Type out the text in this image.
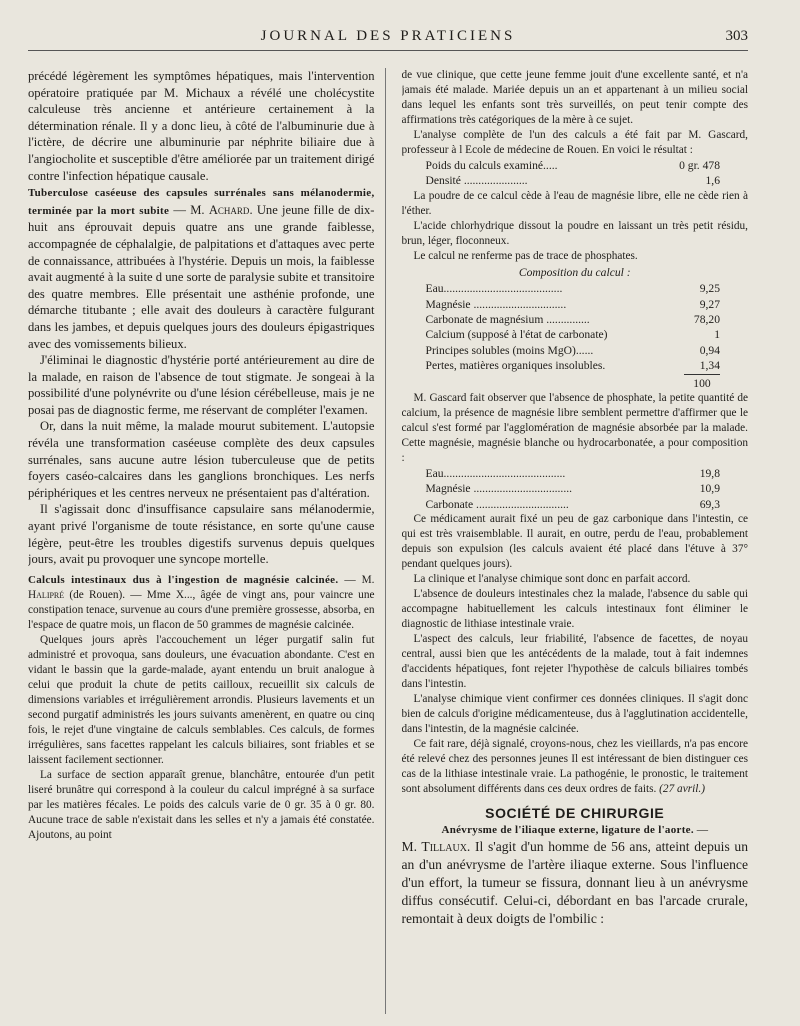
JOURNAL DES PRATICIENS	303

précédé légèrement les symptômes hépatiques, mais l'intervention opératoire pratiquée par M. Michaux a révélé une cholécystite calculeuse très ancienne et antérieure certainement à la détermination rénale. Il y a donc lieu, à côté de l'albuminurie due à l'ictère, de décrire une albuminurie par néphrite biliaire due à l'angiocholite et susceptible d'être améliorée par un traitement dirigé contre l'infection hépatique causale.

Tuberculose caséeuse des capsules surrénales sans mélanodermie, terminée par la mort subite — M. Achard. Une jeune fille de dix-huit ans éprouvait depuis quatre ans une grande faiblesse, accompagnée de céphalalgie, de palpitations et d'attaques avec perte de connaissance, attribuées à l'hystérie. Depuis un mois, la faiblesse avait augmenté à la suite d une sorte de paralysie subite et transitoire des quatre membres. Elle présentait une asthénie profonde, une démarche titubante ; elle avait des douleurs à caractère fulgurant dans les jambes, et depuis quelques jours des douleurs épigastriques avec des vomissements bilieux.

J'éliminai le diagnostic d'hystérie porté antérieurement au dire de la malade, en raison de l'absence de tout stigmate. Je songeai à la possibilité d'une polynévrite ou d'une lésion cérébelleuse, mais je ne posai pas de diagnostic ferme, me réservant de compléter l'examen.

Or, dans la nuit même, la malade mourut subitement. L'autopsie révéla une transformation caséeuse complète des deux capsules surrénales, sans aucune autre lésion tuberculeuse que de petits foyers caséo-calcaires dans les ganglions bronchiques. Les nerfs périphériques et les centres nerveux ne présentaient pas d'altération.

Il s'agissait donc d'insuffisance capsulaire sans mélanodermie, ayant privé l'organisme de toute résistance, en sorte qu'une cause légère, peut-être les troubles digestifs survenus depuis quelques jours, avait pu provoquer une syncope mortelle.

Calculs intestinaux dus à l'ingestion de magnésie calcinée. — M. Halipré (de Rouen). — Mme X..., âgée de vingt ans, pour vaincre une constipation tenace, survenue au cours d'une première grossesse, absorba, en l'espace de quatre mois, un flacon de 50 grammes de magnésie calcinée.

Quelques jours après l'accouchement un léger purgatif salin fut administré et provoqua, sans douleurs, une évacuation abondante. C'est en vidant le bassin que la garde-malade, ayant entendu un bruit analogue à celui que produit la chute de petits cailloux, recueillit six calculs de dimensions variables et irrégulièrement arrondis. Plusieurs lavements et un second purgatif administrés les jours suivants amenèrent, en quatre ou cinq fois, le rejet d'une vingtaine de calculs semblables. Ces calculs, de formes irrégulières, sans facettes rappelant les calculs biliaires, sont friables et se laissent facilement sectionner.

La surface de section apparaît grenue, blanchâtre, entourée d'un petit liseré brunâtre qui correspond à la couleur du calcul imprégné à sa surface par les matières fécales. Le poids des calculs varie de 0 gr. 35 à 0 gr. 80. Aucune trace de sable n'existait dans les selles et n'y a jamais été constatée. Ajoutons, au point

de vue clinique, que cette jeune femme jouit d'une excellente santé, et n'a jamais été malade. Mariée depuis un an et appartenant à un milieu social dans lequel les enfants sont très surveillés, on peut tenir compte des affirmations très catégoriques de la mère à ce sujet.

L'analyse complète de l'un des calculs a été fait par M. Gascard, professeur à l Ecole de médecine de Rouen. En voici le résultat :

Poids du calculs examiné.....	0 gr. 478
Densité ......................	1,6

La poudre de ce calcul cède à l'eau de magnésie libre, elle ne cède rien à l'éther.

L'acide chlorhydrique dissout la poudre en laissant un très petit résidu, brun, léger, floconneux.

Le calcul ne renferme pas de trace de phosphates.

Composition du calcul :
Eau.........................................	9,25
Magnésie ................................	9,27
Carbonate de magnésium ...............	78,20
Calcium (supposé à l'état de carbonate)	1
Principes solubles (moins MgO)......	0,94
Pertes, matières organiques insolubles.	1,34
100

M. Gascard fait observer que l'absence de phosphate, la petite quantité de calcium, la présence de magnésie libre semblent permettre d'affirmer que le calcul s'est formé par l'agglomération de magnésie absorbée par la malade. Cette magnésie, magnésie blanche ou hydrocarbonatée, a pour composition :

Eau..........................................	19,8
Magnésie ..................................	10,9
Carbonate ................................	69,3

Ce médicament aurait fixé un peu de gaz carbonique dans l'intestin, ce qui est très vraisemblable. Il aurait, en outre, perdu de l'eau, probablement depuis son expulsion (les calculs avaient été placé dans l'étuve à 37° pendant quelques jours).

La clinique et l'analyse chimique sont donc en parfait accord.

L'absence de douleurs intestinales chez la malade, l'absence du sable qui accompagne habituellement les calculs intestinaux font éliminer le diagnostic de lithiase intestinale vraie.

L'aspect des calculs, leur friabilité, l'absence de facettes, de noyau central, aussi bien que les antécédents de la malade, tout à fait indemnes d'accidents hépatiques, font rejeter l'hypothèse de calculs biliaires tombés dans l'intestin.

L'analyse chimique vient confirmer ces données cliniques. Il s'agit donc bien de calculs d'origine médicamenteuse, dus à l'agglutination accidentelle, dans l'intestin, de la magnésie calcinée.

Ce fait rare, déjà signalé, croyons-nous, chez les vieillards, n'a pas encore été relevé chez des personnes jeunes Il est intéressant de bien distinguer ces cas de la lithiase intestinale vraie. La pathogénie, le pronostic, le traitement sont absolument différents dans ces deux ordres de faits. (27 avril.)

SOCIÉTÉ DE CHIRURGIE

Anévrysme de l'iliaque externe, ligature de l'aorte. —

M. Tillaux. Il s'agit d'un homme de 56 ans, atteint depuis un an d'un anévrysme de l'artère iliaque externe. Sous l'influence d'un effort, la tumeur se fissura, donnant lieu à un anévrysme diffus consécutif. Celui-ci, débordant en bas l'arcade crurale, remontait à deux doigts de l'ombilic :
